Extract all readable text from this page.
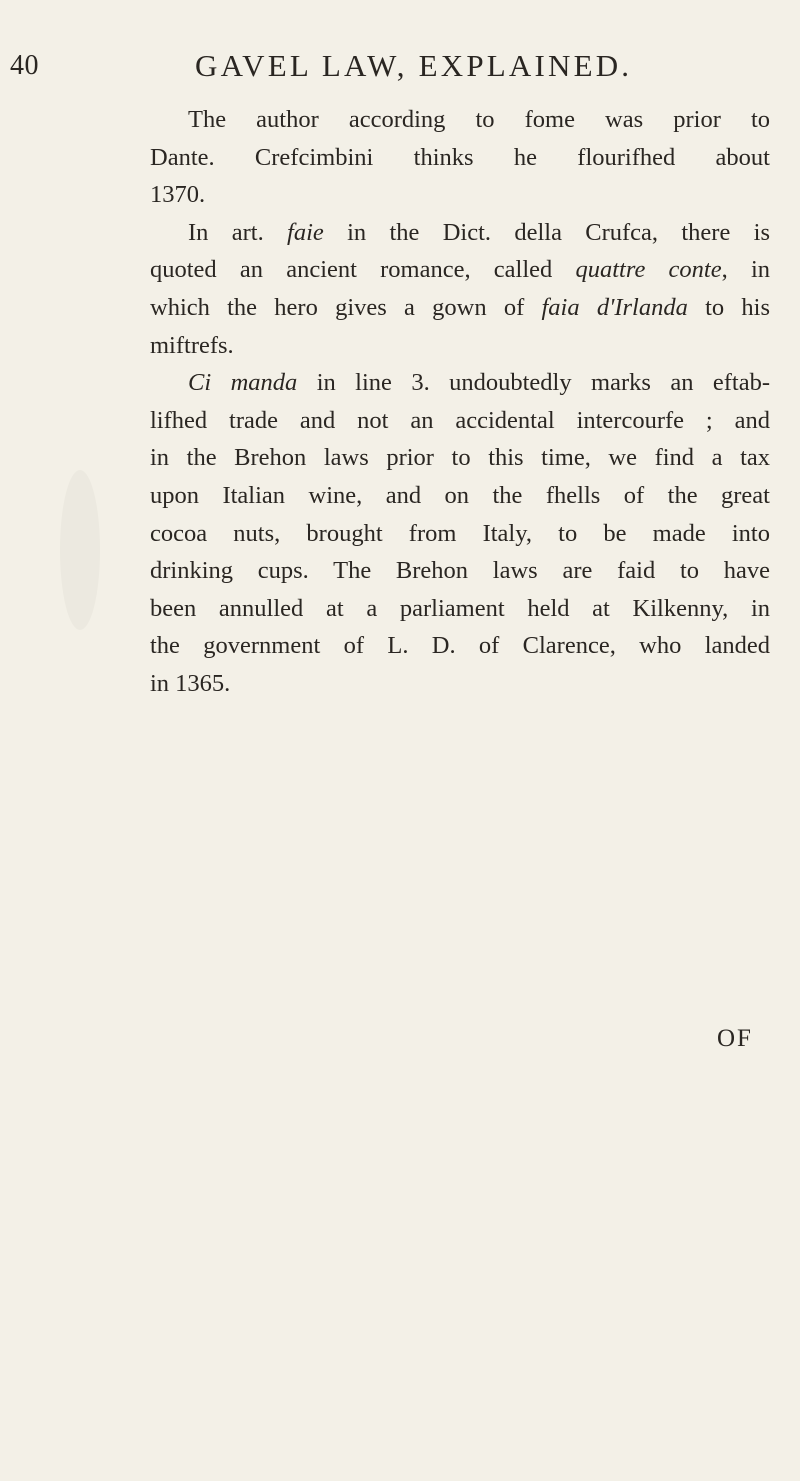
40	GAVEL LAW, EXPLAINED.

The author according to fome was prior to
Dante. Crefcimbini thinks he flourifhed about
1370.

In art. faie in the Dict. della Crufca, there is
quoted an ancient romance, called quattre conte, in
which the hero gives a gown of faia d'Irlanda to his
miftrefs.

Ci manda in line 3. undoubtedly marks an eftab-
lifhed trade and not an accidental intercourfe ; and
in the Brehon laws prior to this time, we find a tax
upon Italian wine, and on the fhells of the great
cocoa nuts, brought from Italy, to be made into
drinking cups. The Brehon laws are faid to have
been annulled at a parliament held at Kilkenny, in
the government of L. D. of Clarence, who landed
in 1365.

OF
